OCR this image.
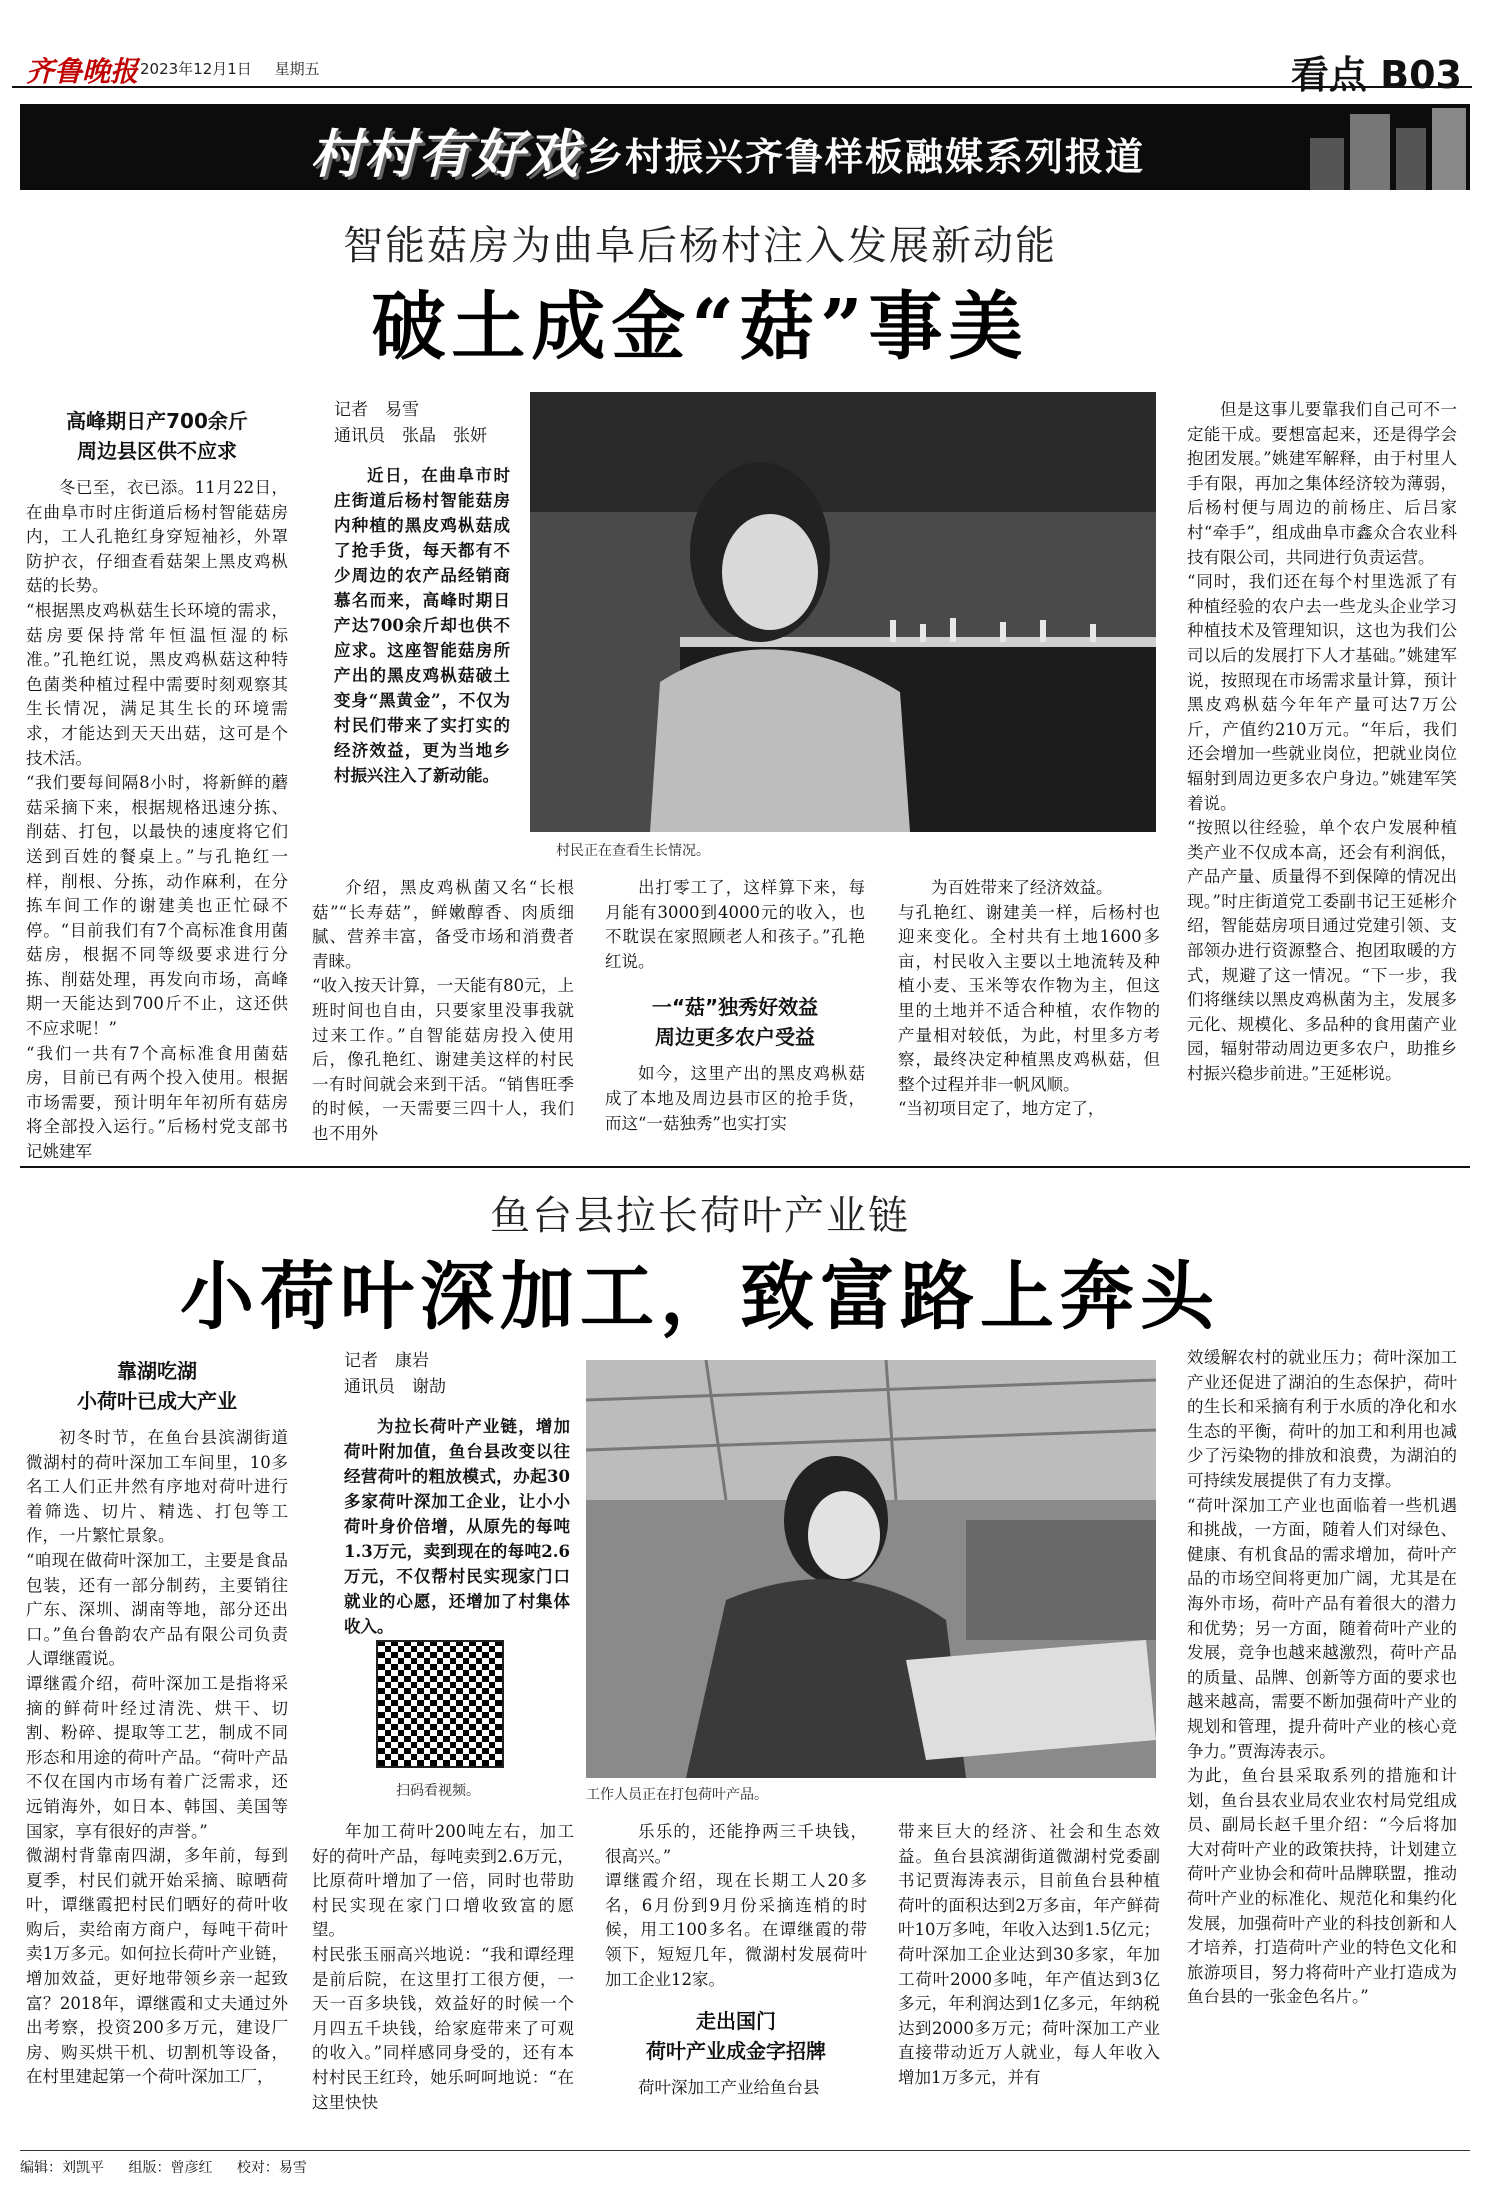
齐鲁晚报 2023年12月1日 星期五	看点 B03
村村有好戏 乡村振兴齐鲁样板融媒系列报道
智能菇房为曲阜后杨村注入发展新动能
破土成金“菇”事美
高峰期日产700余斤
周边县区供不应求
冬已至，衣已添。11月22日，在曲阜市时庄街道后杨村智能菇房内，工人孔艳红身穿短袖衫，外罩防护衣，仔细查看菇架上黑皮鸡枞菇的长势。
“根据黑皮鸡枞菇生长环境的需求，菇房要保持常年恒温恒湿的标准。”孔艳红说，黑皮鸡枞菇这种特色菌类种植过程中需要时刻观察其生长情况，满足其生长的环境需求，才能达到天天出菇，这可是个技术活。
“我们要每间隔8小时，将新鲜的蘑菇采摘下来，根据规格迅速分拣、削菇、打包，以最快的速度将它们送到百姓的餐桌上。”与孔艳红一样，削根、分拣，动作麻利，在分拣车间工作的谢建美也正忙碌不停。“目前我们有7个高标准食用菌菇房，根据不同等级要求进行分拣、削菇处理，再发向市场，高峰期一天能达到700斤不止，这还供不应求呢！”
“我们一共有7个高标准食用菌菇房，目前已有两个投入使用。根据市场需要，预计明年年初所有菇房将全部投入运行。”后杨村党支部书记姚建军
记者　易雪
通讯员　张晶　张妍
近日，在曲阜市时庄街道后杨村智能菇房内种植的黑皮鸡枞菇成了抢手货，每天都有不少周边的农产品经销商慕名而来，高峰时期日产达700余斤却也供不应求。这座智能菇房所产出的黑皮鸡枞菇破土变身“黑黄金”，不仅为村民们带来了实打实的经济效益，更为当地乡村振兴注入了新动能。
村民正在查看生长情况。
介绍，黑皮鸡枞菌又名“长根菇”“长寿菇”，鲜嫩醇香、肉质细腻、营养丰富，备受市场和消费者青睐。
“收入按天计算，一天能有80元，上班时间也自由，只要家里没事我就过来工作。”自智能菇房投入使用后，像孔艳红、谢建美这样的村民一有时间就会来到干活。“销售旺季的时候，一天需要三四十人，我们也不用外
出打零工了，这样算下来，每月能有3000到4000元的收入，也不耽误在家照顾老人和孩子。”孔艳红说。
一“菇”独秀好效益
周边更多农户受益
如今，这里产出的黑皮鸡枞菇成了本地及周边县市区的抢手货，而这“一菇独秀”也实打实
为百姓带来了经济效益。
与孔艳红、谢建美一样，后杨村也迎来变化。全村共有土地1600多亩，村民收入主要以土地流转及种植小麦、玉米等农作物为主，但这里的土地并不适合种植，农作物的产量相对较低，为此，村里多方考察，最终决定种植黑皮鸡枞菇，但整个过程并非一帆风顺。
“当初项目定了，地方定了，
但是这事儿要靠我们自己可不一定能干成。要想富起来，还是得学会抱团发展。”姚建军解释，由于村里人手有限，再加之集体经济较为薄弱，后杨村便与周边的前杨庄、后吕家村“牵手”，组成曲阜市鑫众合农业科技有限公司，共同进行负责运营。
“同时，我们还在每个村里选派了有种植经验的农户去一些龙头企业学习种植技术及管理知识，这也为我们公司以后的发展打下人才基础。”姚建军说，按照现在市场需求量计算，预计黑皮鸡枞菇今年年产量可达7万公斤，产值约210万元。“年后，我们还会增加一些就业岗位，把就业岗位辐射到周边更多农户身边。”姚建军笑着说。
“按照以往经验，单个农户发展种植类产业不仅成本高，还会有利润低，产品产量、质量得不到保障的情况出现。”时庄街道党工委副书记王延彬介绍，智能菇房项目通过党建引领、支部领办进行资源整合、抱团取暖的方式，规避了这一情况。“下一步，我们将继续以黑皮鸡枞菌为主，发展多元化、规模化、多品种的食用菌产业园，辐射带动周边更多农户，助推乡村振兴稳步前进。”王延彬说。
鱼台县拉长荷叶产业链
小荷叶深加工，致富路上奔头
靠湖吃湖
小荷叶已成大产业
初冬时节，在鱼台县滨湖街道微湖村的荷叶深加工车间里，10多名工人们正井然有序地对荷叶进行着筛选、切片、精选、打包等工作，一片繁忙景象。
“咱现在做荷叶深加工，主要是食品包装，还有一部分制药，主要销往广东、深圳、湖南等地，部分还出口。”鱼台鲁韵农产品有限公司负责人谭继霞说。
谭继霞介绍，荷叶深加工是指将采摘的鲜荷叶经过清洗、烘干、切割、粉碎、提取等工艺，制成不同形态和用途的荷叶产品。“荷叶产品不仅在国内市场有着广泛需求，还远销海外，如日本、韩国、美国等国家，享有很好的声誉。”
微湖村背靠南四湖，多年前，每到夏季，村民们就开始采摘、晾晒荷叶，谭继霞把村民们晒好的荷叶收购后，卖给南方商户，每吨干荷叶卖1万多元。如何拉长荷叶产业链，增加效益，更好地带领乡亲一起致富？2018年，谭继霞和丈夫通过外出考察，投资200多万元，建设厂房、购买烘干机、切割机等设备，在村里建起第一个荷叶深加工厂，
记者　康岩
通讯员　谢劼
为拉长荷叶产业链，增加荷叶附加值，鱼台县改变以往经营荷叶的粗放模式，办起30多家荷叶深加工企业，让小小荷叶身价倍增，从原先的每吨1.3万元，卖到现在的每吨2.6万元，不仅帮村民实现家门口就业的心愿，还增加了村集体收入。
扫码看视频。	工作人员正在打包荷叶产品。
年加工荷叶200吨左右，加工好的荷叶产品，每吨卖到2.6万元，比原荷叶增加了一倍，同时也带助村民实现在家门口增收致富的愿望。
村民张玉丽高兴地说：“我和谭经理是前后院，在这里打工很方便，一天一百多块钱，效益好的时候一个月四五千块钱，给家庭带来了可观的收入。”同样感同身受的，还有本村村民王红玲，她乐呵呵地说：“在这里快快
乐乐的，还能挣两三千块钱，很高兴。”
谭继霞介绍，现在长期工人20多名，6月份到9月份采摘连梢的时候，用工100多名。在谭继霞的带领下，短短几年，微湖村发展荷叶加工企业12家。
走出国门
荷叶产业成金字招牌
荷叶深加工产业给鱼台县
带来巨大的经济、社会和生态效益。鱼台县滨湖街道微湖村党委副书记贾海涛表示，目前鱼台县种植荷叶的面积达到2万多亩，年产鲜荷叶10万多吨，年收入达到1.5亿元；荷叶深加工企业达到30多家，年加工荷叶2000多吨，年产值达到3亿多元，年利润达到1亿多元，年纳税达到2000多万元；荷叶深加工产业直接带动近万人就业，每人年收入增加1万多元，并有
效缓解农村的就业压力；荷叶深加工产业还促进了湖泊的生态保护，荷叶的生长和采摘有利于水质的净化和水生态的平衡，荷叶的加工和利用也减少了污染物的排放和浪费，为湖泊的可持续发展提供了有力支撑。
“荷叶深加工产业也面临着一些机遇和挑战，一方面，随着人们对绿色、健康、有机食品的需求增加，荷叶产品的市场空间将更加广阔，尤其是在海外市场，荷叶产品有着很大的潜力和优势；另一方面，随着荷叶产业的发展，竞争也越来越激烈，荷叶产品的质量、品牌、创新等方面的要求也越来越高，需要不断加强荷叶产业的规划和管理，提升荷叶产业的核心竞争力。”贾海涛表示。
为此，鱼台县采取系列的措施和计划，鱼台县农业局农业农村局党组成员、副局长赵千里介绍：“今后将加大对荷叶产业的政策扶持，计划建立荷叶产业协会和荷叶品牌联盟，推动荷叶产业的标准化、规范化和集约化发展，加强荷叶产业的科技创新和人才培养，打造荷叶产业的特色文化和旅游项目，努力将荷叶产业打造成为鱼台县的一张金色名片。”
编辑：刘凯平 组版：曾彦红 校对：易雪
